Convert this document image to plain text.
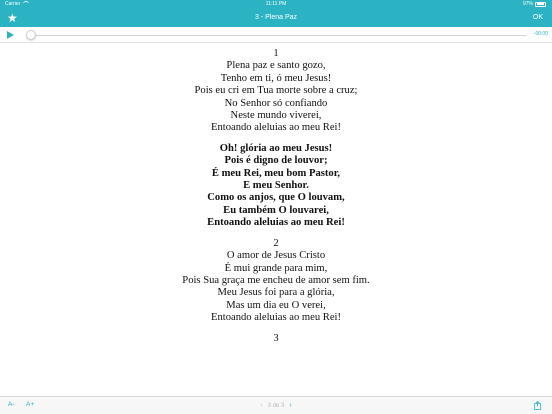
Carrier	11:11 PM	97%
★	3 - Plena Paz	OK
-00:00
1

Plena paz e santo gozo,

Tenho em ti, ó meu Jesus!

Pois eu cri em Tua morte sobre a cruz;

No Senhor só confiando

Neste mundo viverei,

Entoando aleluias ao meu Rei!

Oh! glória ao meu Jesus!

Pois é digno de louvor;

É meu Rei, meu bom Pastor,

E meu Senhor.

Como os anjos, que O louvam,

Eu também O louvarei,

Entoando aleluias ao meu Rei!

2

O amor de Jesus Cristo

É mui grande para mim,

Pois Sua graça me encheu de amor sem fim.

Meu Jesus foi para a glória,

Mas um dia eu O verei,

Entoando aleluias ao meu Rei!

3
A- A+	‹ 3 de 3 ›
